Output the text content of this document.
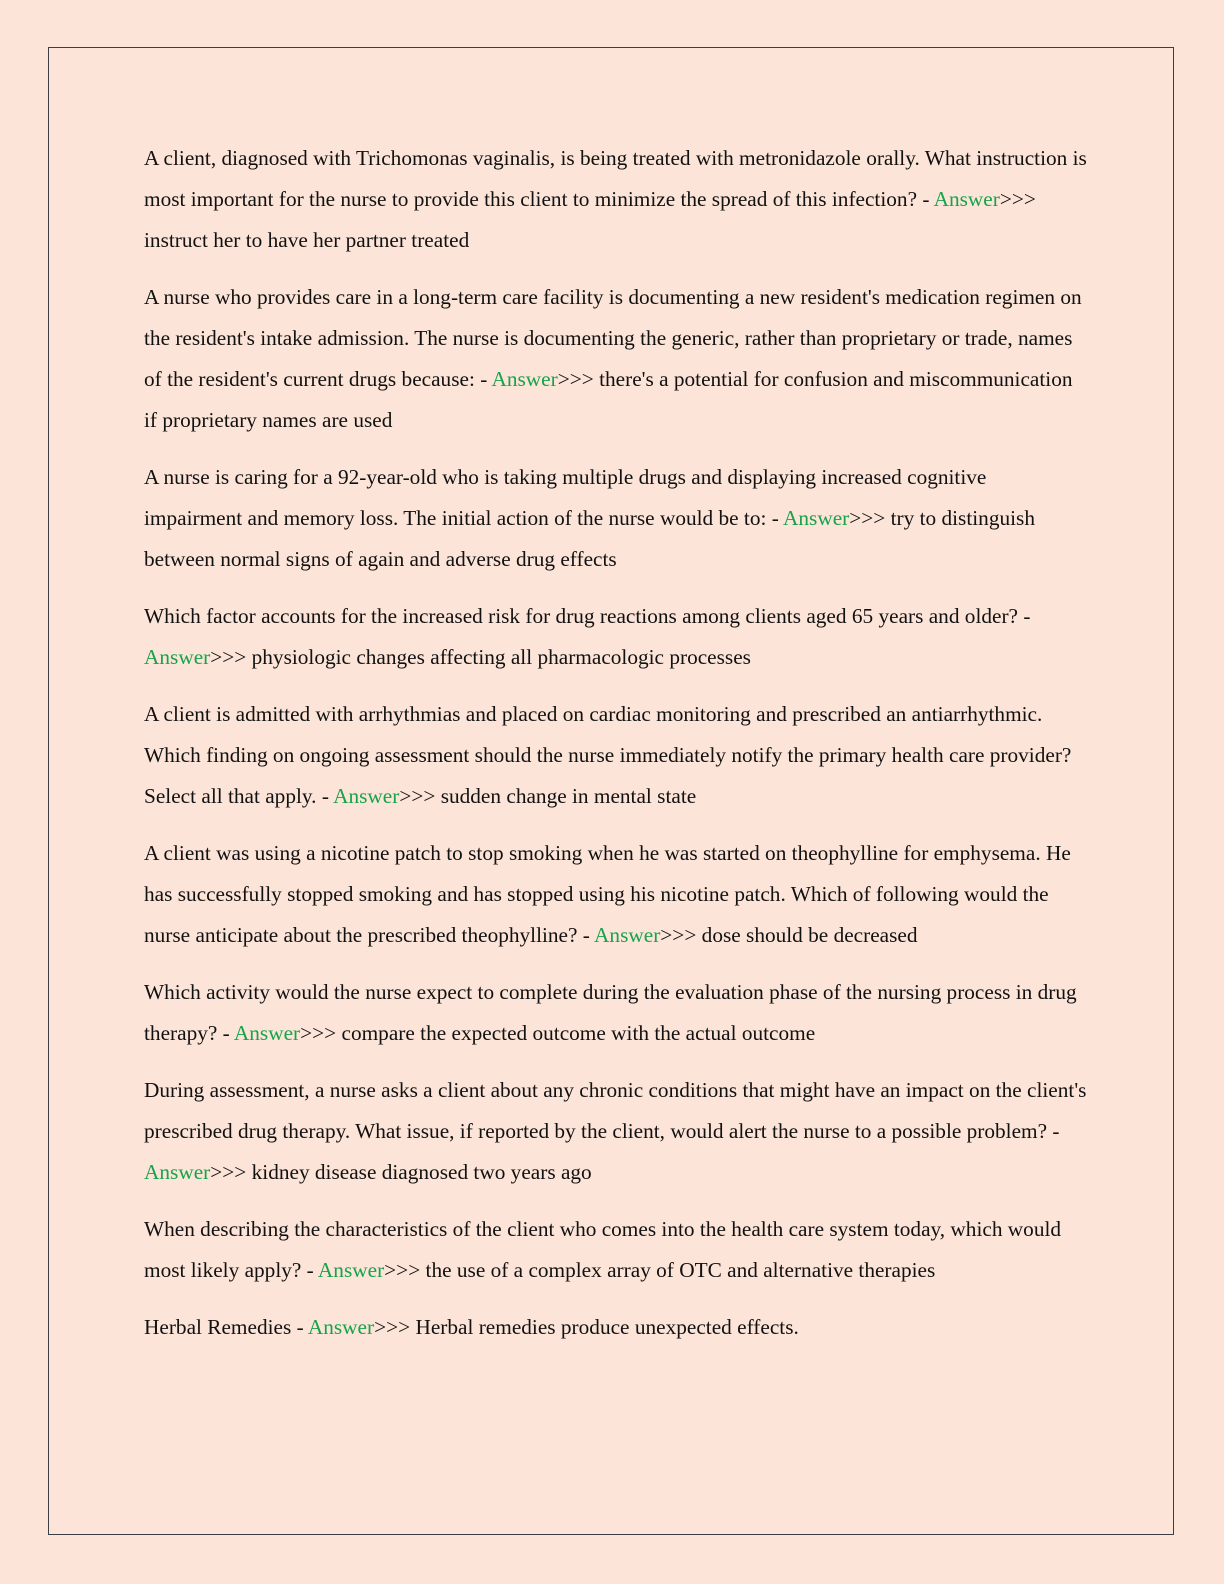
A client, diagnosed with Trichomonas vaginalis, is being treated with metronidazole orally. What instruction is most important for the nurse to provide this client to minimize the spread of this infection? - Answer>>> instruct her to have her partner treated

A nurse who provides care in a long-term care facility is documenting a new resident's medication regimen on the resident's intake admission. The nurse is documenting the generic, rather than proprietary or trade, names of the resident's current drugs because: - Answer>>> there's a potential for confusion and miscommunication if proprietary names are used

A nurse is caring for a 92-year-old who is taking multiple drugs and displaying increased cognitive impairment and memory loss. The initial action of the nurse would be to: - Answer>>> try to distinguish between normal signs of again and adverse drug effects

Which factor accounts for the increased risk for drug reactions among clients aged 65 years and older? - Answer>>> physiologic changes affecting all pharmacologic processes

A client is admitted with arrhythmias and placed on cardiac monitoring and prescribed an antiarrhythmic. Which finding on ongoing assessment should the nurse immediately notify the primary health care provider? Select all that apply. - Answer>>> sudden change in mental state

A client was using a nicotine patch to stop smoking when he was started on theophylline for emphysema. He has successfully stopped smoking and has stopped using his nicotine patch. Which of following would the nurse anticipate about the prescribed theophylline? - Answer>>> dose should be decreased

Which activity would the nurse expect to complete during the evaluation phase of the nursing process in drug therapy? - Answer>>> compare the expected outcome with the actual outcome

During assessment, a nurse asks a client about any chronic conditions that might have an impact on the client's prescribed drug therapy. What issue, if reported by the client, would alert the nurse to a possible problem? - Answer>>> kidney disease diagnosed two years ago

When describing the characteristics of the client who comes into the health care system today, which would most likely apply? - Answer>>> the use of a complex array of OTC and alternative therapies

Herbal Remedies - Answer>>> Herbal remedies produce unexpected effects.
